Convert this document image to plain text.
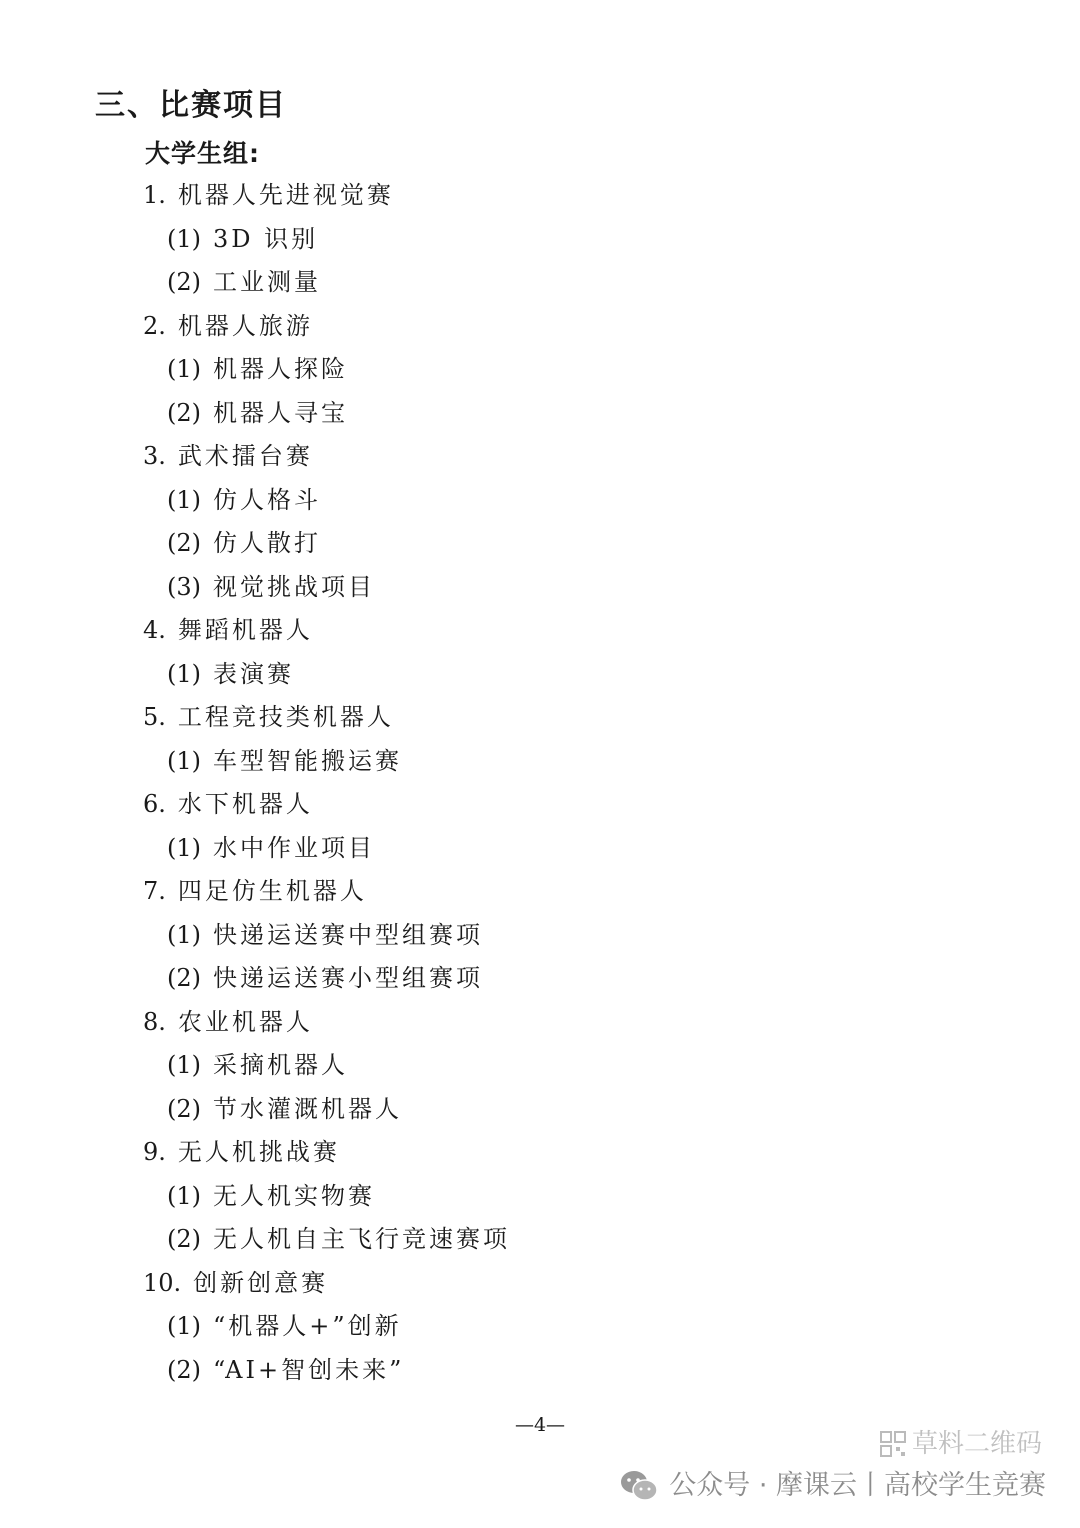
三、比赛项目
大学生组:
1. 机器人先进视觉赛
(1) 3D 识别
(2) 工业测量
2. 机器人旅游
(1) 机器人探险
(2) 机器人寻宝
3. 武术擂台赛
(1) 仿人格斗
(2) 仿人散打
(3) 视觉挑战项目
4. 舞蹈机器人
(1) 表演赛
5. 工程竞技类机器人
(1) 车型智能搬运赛
6. 水下机器人
(1) 水中作业项目
7. 四足仿生机器人
(1) 快递运送赛中型组赛项
(2) 快递运送赛小型组赛项
8. 农业机器人
(1) 采摘机器人
(2) 节水灌溉机器人
9. 无人机挑战赛
(1) 无人机实物赛
(2) 无人机自主飞行竞速赛项
10. 创新创意赛
(1) “机器人+”创新
(2) “AI+智创未来”
—4—
草料二维码
公众号 · 摩课云丨高校学生竞赛
